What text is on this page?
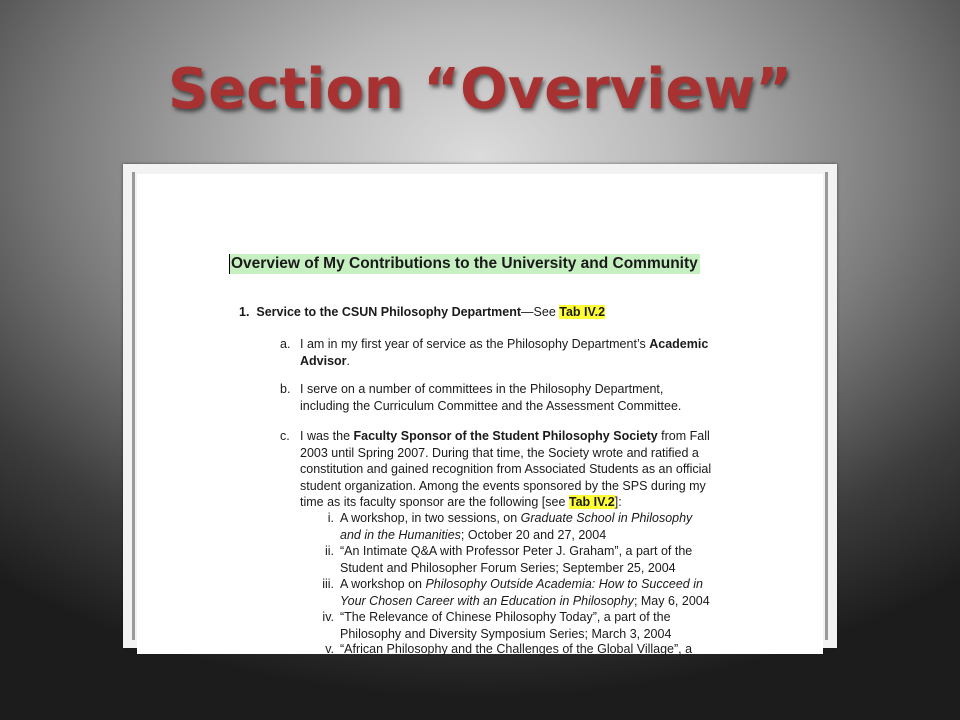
Section “Overview”
Overview of My Contributions to the University and Community
1. Service to the CSUN Philosophy Department—See Tab IV.2
a. I am in my first year of service as the Philosophy Department’s Academic
Advisor.
b. I serve on a number of committees in the Philosophy Department,
including the Curriculum Committee and the Assessment Committee.
c. I was the Faculty Sponsor of the Student Philosophy Society from Fall
2003 until Spring 2007. During that time, the Society wrote and ratified a
constitution and gained recognition from Associated Students as an official
student organization. Among the events sponsored by the SPS during my
time as its faculty sponsor are the following [see Tab IV.2]:
i. A workshop, in two sessions, on Graduate School in Philosophy
and in the Humanities; October 20 and 27, 2004
ii. “An Intimate Q&A with Professor Peter J. Graham”, a part of the
Student and Philosopher Forum Series; September 25, 2004
iii. A workshop on Philosophy Outside Academia: How to Succeed in
Your Chosen Career with an Education in Philosophy; May 6, 2004
iv. “The Relevance of Chinese Philosophy Today”, a part of the
Philosophy and Diversity Symposium Series; March 3, 2004
v. “African Philosophy and the Challenges of the Global Village”, a
